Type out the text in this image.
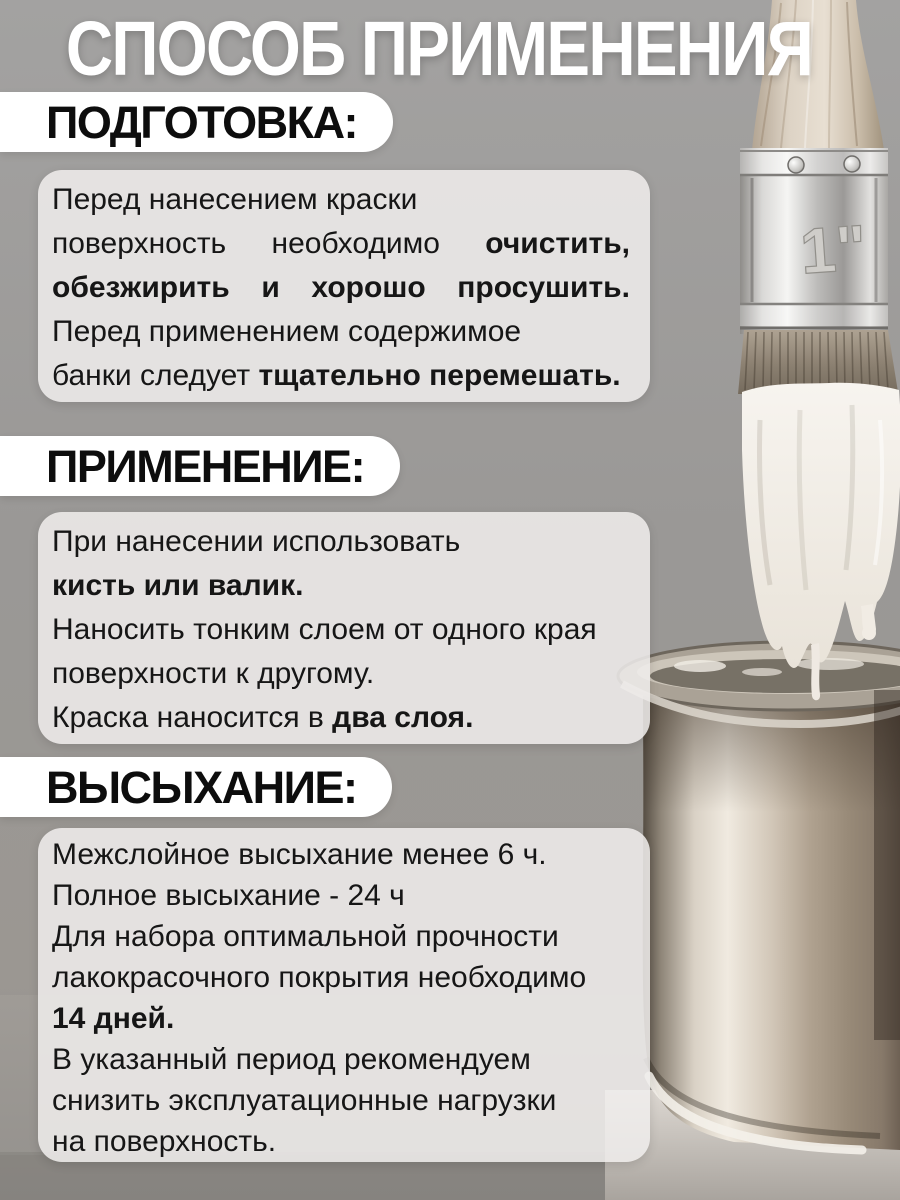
1"
СПОСОБ ПРИМЕНЕНИЯ
ПОДГОТОВКА:
Перед нанесением краски
поверхность необходимо очистить,
обезжирить и хорошо просушить.
Перед применением содержимое
банки следует тщательно перемешать.
ПРИМЕНЕНИЕ:
При нанесении использовать
кисть или валик.
Наносить тонким слоем от одного края
поверхности к другому.
Краска наносится в два слоя.
ВЫСЫХАНИЕ:
Межслойное высыхание менее 6 ч.
Полное высыхание - 24 ч
Для набора оптимальной прочности
лакокрасочного покрытия необходимо
14 дней.
В указанный период рекомендуем
снизить эксплуатационные нагрузки
на поверхность.
